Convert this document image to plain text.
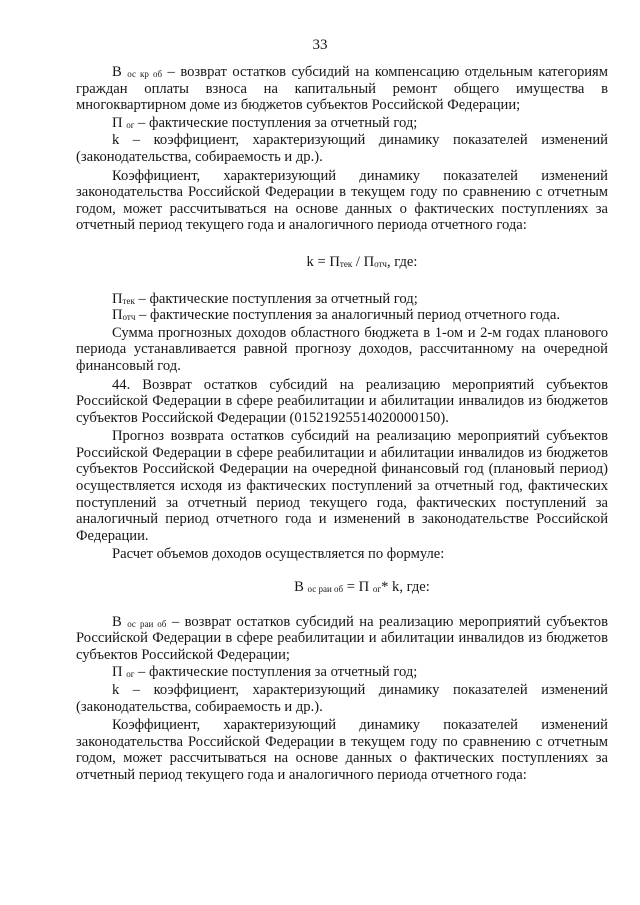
33

В ос кр об – возврат остатков субсидий на компенсацию отдельным категориям граждан оплаты взноса на капитальный ремонт общего имущества в многоквартирном доме из бюджетов субъектов Российской Федерации;

П ог – фактические поступления за отчетный год;

k – коэффициент, характеризующий динамику показателей изменений (законодательства, собираемость и др.).

Коэффициент, характеризующий динамику показателей изменений законодательства Российской Федерации в текущем году по сравнению с отчетным годом, может рассчитываться на основе данных о фактических поступлениях за отчетный период текущего года и аналогичного периода отчетного года:

k = Птек / Потч, где:

Птек – фактические поступления за отчетный год;

Потч – фактические поступления за аналогичный период отчетного года.

Сумма прогнозных доходов областного бюджета в 1-ом и 2-м годах планового периода устанавливается равной прогнозу доходов, рассчитанному на очередной финансовый год.

44. Возврат остатков субсидий на реализацию мероприятий субъектов Российской Федерации в сфере реабилитации и абилитации инвалидов из бюджетов субъектов Российской Федерации (01521925514020000150).

Прогноз возврата остатков субсидий на реализацию мероприятий субъектов Российской Федерации в сфере реабилитации и абилитации инвалидов из бюджетов субъектов Российской Федерации на очередной финансовый год (плановый период) осуществляется исходя из фактических поступлений за отчетный год, фактических поступлений за отчетный период текущего года, фактических поступлений за аналогичный период отчетного года и изменений в законодательстве Российской Федерации.

Расчет объемов доходов осуществляется по формуле:

В ос раи об = П ог* k, где:

В ос раи об – возврат остатков субсидий на реализацию мероприятий субъектов Российской Федерации в сфере реабилитации и абилитации инвалидов из бюджетов субъектов Российской Федерации;

П ог – фактические поступления за отчетный год;

k – коэффициент, характеризующий динамику показателей изменений (законодательства, собираемость и др.).

Коэффициент, характеризующий динамику показателей изменений законодательства Российской Федерации в текущем году по сравнению с отчетным годом, может рассчитываться на основе данных о фактических поступлениях за отчетный период текущего года и аналогичного периода отчетного года:
